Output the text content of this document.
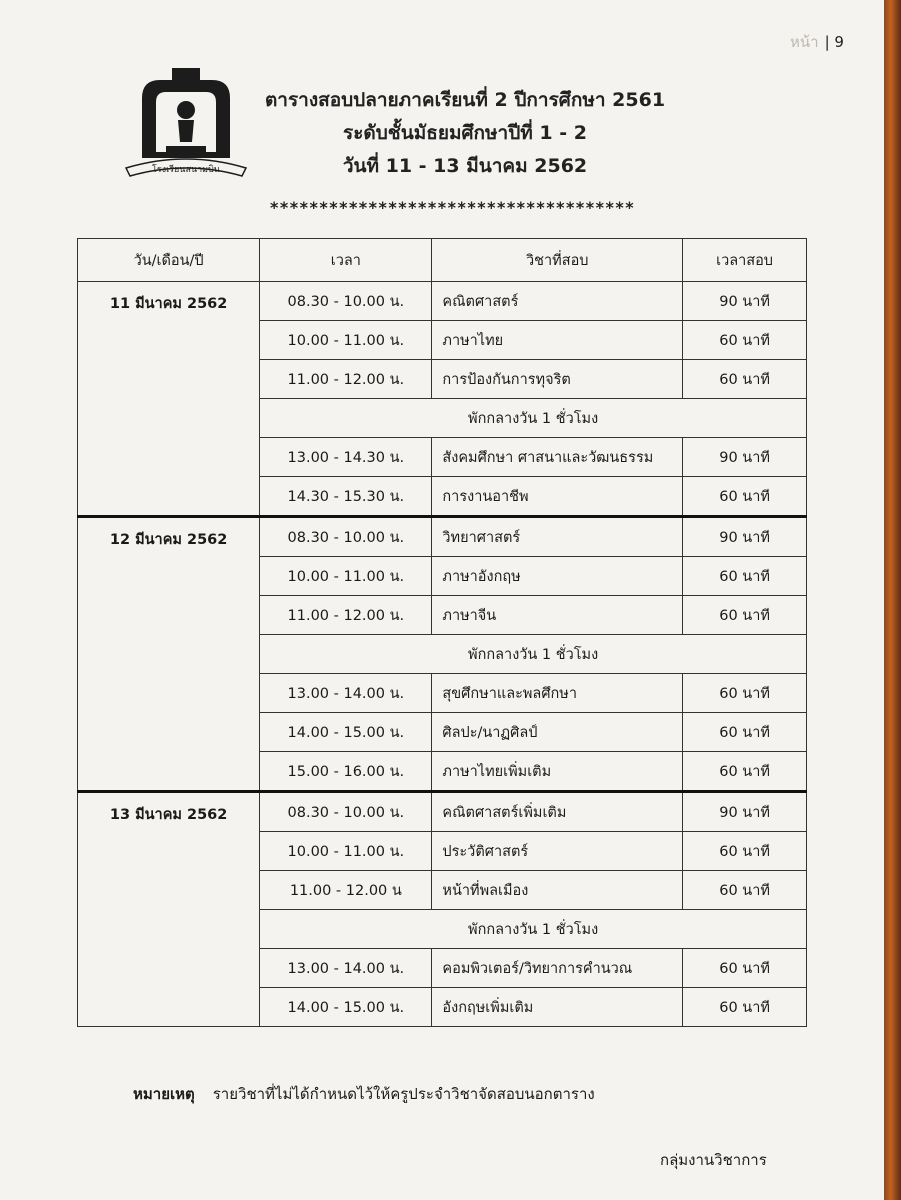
หน้า | 9
โรงเรียนสนามบิน
ตารางสอบปลายภาคเรียนที่ 2 ปีการศึกษา 2561
ระดับชั้นมัธยมศึกษาปีที่ 1 - 2
วันที่ 11 - 13 มีนาคม 2562
*************************************
วัน/เดือน/ปี	เวลา	วิชาที่สอบ	เวลาสอบ
11 มีนาคม 2562	08.30 - 10.00 น.	คณิตศาสตร์	90 นาที
	10.00 - 11.00 น.	ภาษาไทย	60 นาที
	11.00 - 12.00 น.	การป้องกันการทุจริต	60 นาที
	พักกลางวัน 1 ชั่วโมง		
	13.00 - 14.30 น.	สังคมศึกษา ศาสนาและวัฒนธรรม	90 นาที
	14.30 - 15.30 น.	การงานอาชีพ	60 นาที
12 มีนาคม 2562	08.30 - 10.00 น.	วิทยาศาสตร์	90 นาที
	10.00 - 11.00 น.	ภาษาอังกฤษ	60 นาที
	11.00 - 12.00 น.	ภาษาจีน	60 นาที
	พักกลางวัน 1 ชั่วโมง		
	13.00 - 14.00 น.	สุขศึกษาและพลศึกษา	60 นาที
	14.00 - 15.00 น.	ศิลปะ/นาฏศิลป์	60 นาที
	15.00 - 16.00 น.	ภาษาไทยเพิ่มเติม	60 นาที
13 มีนาคม 2562	08.30 - 10.00 น.	คณิตศาสตร์เพิ่มเติม	90 นาที
	10.00 - 11.00 น.	ประวัติศาสตร์	60 นาที
	11.00 - 12.00 น	หน้าที่พลเมือง	60 นาที
	พักกลางวัน 1 ชั่วโมง		
	13.00 - 14.00 น.	คอมพิวเตอร์/วิทยาการคำนวณ	60 นาที
	14.00 - 15.00 น.	อังกฤษเพิ่มเติม	60 นาที
หมายเหตุ รายวิชาที่ไม่ได้กำหนดไว้ให้ครูประจำวิชาจัดสอบนอกตาราง
กลุ่มงานวิชาการ
